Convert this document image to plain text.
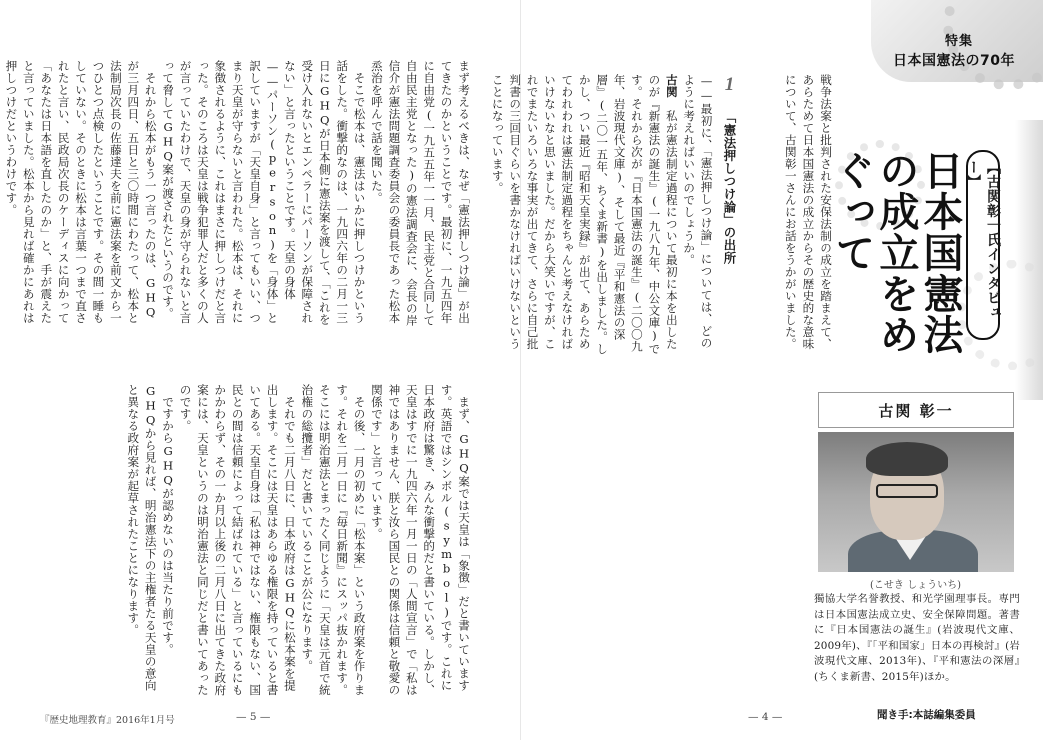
まず考えるべきは、なぜ「憲法押しつけ論」が出てきたのかということです。最初に、一九五四年に自由党(一九五五年一一月、民主党と合同して自由民主党となった)の憲法調査会に、会長の岸信介が憲法問題調査委員会の委員長であった松本烝治を呼んで話を聞いた。

そこで松本は、憲法はいかに押しつけかという話をした。衝撃的なのは、一九四六年の二月一三日にGHQが日本側に憲法案を渡して、「これを受け入れないとエンペラーにパーソンが保障されない」と言ったということです。天皇の身体——パーソン(person)を「身体」と訳していますが「天皇自身」と言ってもいい、つまり天皇が守らないと言われた。松本は、それに象徴されるように、これはまさに押しつけだと言った。そのころは天皇は戦争犯罪人だと多くの人が言っていたわけで、天皇の身が守られないと言って脅してGHQ案が渡されたというのです。

それから松本がもう一つ言ったのは、GHQが三月四日、五日と三〇時間にわたって、松本と法制局次長の佐藤達夫を前に憲法案を前文から一つひとつ点検したということです。その間一睡もしていない。そのときに松本は言葉一つまで直されたと言い、民政局次長のケーディスに向かって「あなたは日本語を直したのか」と、手が震えたと言っていました。松本から見れば確かにあれは押しつけだというわけです。

まず、GHQ案では天皇は「象徴」だと書いていますす。英語ではシンボル(symbol)です。これに日本政府は驚き、みんな衝撃的だと書いている。しかし、天皇はすでに一九四六年一月一日の「人間宣言」で「私は神ではありません、朕と汝ら国民との関係は信頼と敬愛の関係です」と言っています。

その後、一月の初めに「松本案」という政府案を作ります。それを二月一日に『毎日新聞』にスッパ抜かれます。そこには明治憲法とまったく同じように「天皇は元首で統治権の総攬者」だと書いていることが公になります。

それでも二月八日に、日本政府はGHQに松本案を提出します。そこには天皇はあらゆる権限を持っていると書いてある。天皇自身は「私は神ではない、権限もない、国民との間は信頼によって結ばれている」と言っているにもかかわらず、その一か月以上後の二月八日に出てきた政府案には、天皇というのは明治憲法と同じだと書いてあったのです。

ですからGHQが認めないのは当たり前です。GHQから見れば、明治憲法下の主権者たる天皇の意向と異なる政府案が起草されたことになります。

『歴史地理教育』2016年1月号	— 5 —
特集
日本国憲法の70年
【古関彰一氏インタビュー】
日本国憲法の成立をめぐって
戦争法案と批判された安保法制の成立を踏まえて、あらためて日本国憲法の成立からその歴史的な意味について、古関彰一さんにお話をうかがいました。
1 「憲法押しつけ論」の出所

——最初に、「憲法押しつけ論」については、どのように考えればいいのでしょうか。

古関　私が憲法制定過程について最初に本を出したのが『新憲法の誕生』(一九八九年、中公文庫)です。それから次が『日本国憲法の誕生』(二〇〇九年、岩波現代文庫)、そして最近『平和憲法の深層』(二〇一五年、ちくま新書)を出しました。しかし、つい最近『昭和天皇実録』が出て、あらためてわれわれは憲法制定過程をちゃんと考えなければいけないなと思いました。だから大笑いですが、これでまたいろいろな事実が出てきて、さらに自己批判書の三回目ぐらいを書かなければいけないということになっています。

古関 彰一
(こせき しょういち)
獨協大学名誉教授、和光学園理事長。専門は日本国憲法成立史、安全保障問題。著書に『日本国憲法の誕生』(岩波現代文庫、2009年)、『「平和国家」日本の再検討』(岩波現代文庫、2013年)、『平和憲法の深層』(ちくま新書、2015年)ほか。
聞き手:本誌編集委員
— 4 —
